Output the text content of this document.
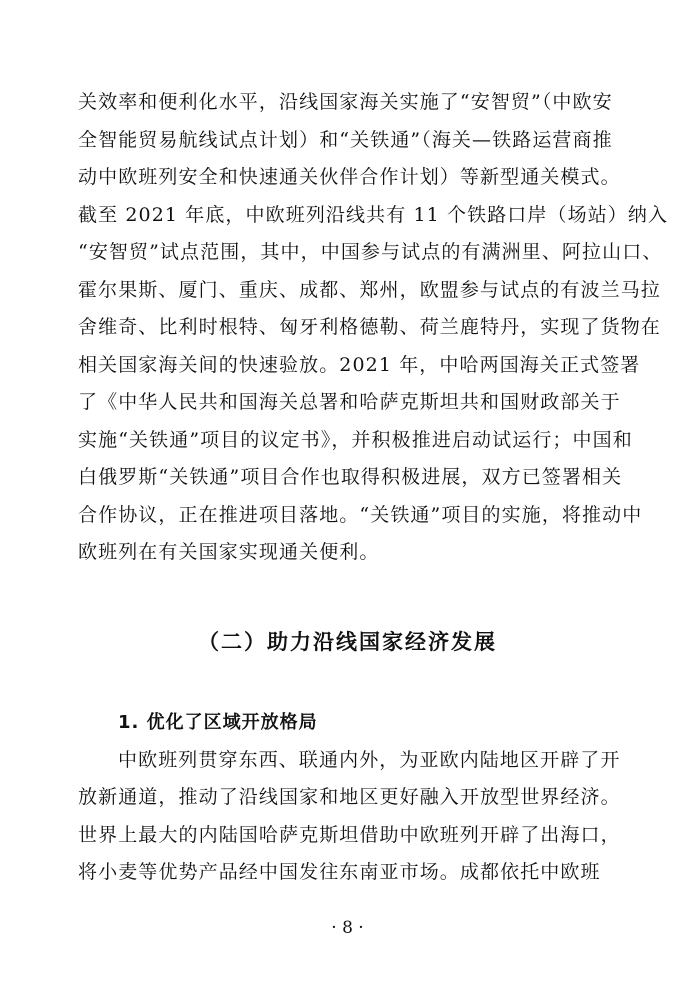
关效率和便利化水平，沿线国家海关实施了“安智贸”（中欧安
全智能贸易航线试点计划）和“关铁通”（海关—铁路运营商推
动中欧班列安全和快速通关伙伴合作计划）等新型通关模式。
截至 2021 年底，中欧班列沿线共有 11 个铁路口岸（场站）纳入
“安智贸”试点范围，其中，中国参与试点的有满洲里、阿拉山口、
霍尔果斯、厦门、重庆、成都、郑州，欧盟参与试点的有波兰马拉
舍维奇、比利时根特、匈牙利格德勒、荷兰鹿特丹，实现了货物在
相关国家海关间的快速验放。2021 年，中哈两国海关正式签署
了《中华人民共和国海关总署和哈萨克斯坦共和国财政部关于
实施“关铁通”项目的议定书》，并积极推进启动试运行；中国和
白俄罗斯“关铁通”项目合作也取得积极进展，双方已签署相关
合作协议，正在推进项目落地。“关铁通”项目的实施，将推动中
欧班列在有关国家实现通关便利。
（二）助力沿线国家经济发展
1. 优化了区域开放格局
中欧班列贯穿东西、联通内外，为亚欧内陆地区开辟了开
放新通道，推动了沿线国家和地区更好融入开放型世界经济。
世界上最大的内陆国哈萨克斯坦借助中欧班列开辟了出海口，
将小麦等优势产品经中国发往东南亚市场。成都依托中欧班
· 8 ·
